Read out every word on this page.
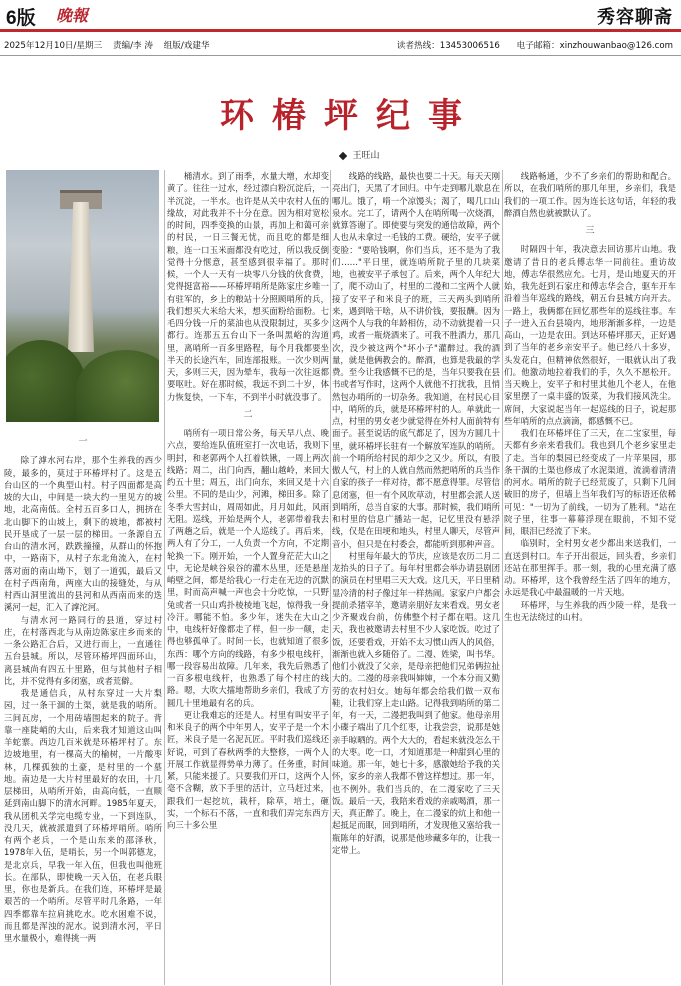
6版 晚報	秀容聊斋
2025年12月10日/星期三 责编/李 涛 组版/戏建华	读者热线：13453006516 电子邮箱：xinzhouwanbao@126.com
环椿坪纪事
王旺山
一

除了滹水河右岸，那个生养我的西少陵，最多的，莫过于环椿坪村了。这是五台山区的一个典型山村。村子四面都是高坡的大山，中间是一块大约一里见方的坡地，北高南低。全村五百多口人，拥挤在北山脚下的山坡上，剩下的坡地，都被村民开垦成了一层一层的梯田。一条源自五台山的清水河，跌跌撞撞，从群山的怀抱中，一路南下，从村子东北角流入，在村落对面的南山坳下，划了一道弧，最后又在村子西南角，两座大山的接缝处，与从村西山洞里流出的县河和从西南而来的迭溪河一起，汇入了滹沱河。

与清水河一路同行的县道，穿过村庄，在村落西北与从南边陈家庄乡而来的一条公路汇合后，又进行而上，一直通往五台县城。所以，尽管环椿坪四面环山，离县城尚有四五十里路，但与其他村子相比，并不觉得有多闭塞，或者荒僻。

我是通信兵，从村东穿过一大片梨园，过一条干涸的土渠，就是我的哨所。三间瓦房，一个用砖墙围起来的院子。背靠一座陡峭的大山，后来我才知道这山叫羊蛇寨。西边几百米就是环椿坪村了。东边坡地里，有一棵高大的榆树，一片酸枣林，几棵孤独的土豪，是村里的一个墓地。南边是一大片村里最好的农田，十几层梯田，从哨所开始，由高向低，一直顺延到南山脚下的清水河畔。1985年夏天，我从团机关学完电缆专业，一下到连队，没几天，就被派遣到了环椿坪哨所。哨所有两个老兵，一个是山东来的邵泽秋，1978年入伍，是哨长，另一个叫郭德龙，是北京兵，早我一年入伍，但我也叫他班长。在部队，即使晚一天入伍，在老兵眼里，你也是新兵。在我们连，环椿坪是最艰苦的一个哨所。尽管平时几条路，一年四季都靠车拉肩挑吃水。吃水困难不说，而且都是浑浊的泥水。说到清水河，平日里水量极小，难得挑一两

桶清水。到了雨季，水量大增，水却变黄了。往往一过水，经过漂白粉沉淀后，一半沉淀，一半水。也许是从关中农村人伍的缘故，对此我并不十分在意。因为相对宽松的时间，四季变换的山景，再加上和蔼可亲的村民，一日三餐无忧，而且吃的都是细粮，连一口玉米面都没有吃过，所以我反倒觉得十分惬意，甚至感到很幸福了。那时候，一个人一天有一块零八分钱的伙食费，党得挺富裕——环椿坪哨所是陈家庄乡唯一有驻军的，乡上的粮站十分照顾哨所的兵，我们想买大米给大米，想买面粉给面粉。七毛四分钱一斤的菜油也从没限制过，买多少都行。连那五五台山下一条叫黑峪的沟道里，离哨所一百多里路程，每个月我都要坐半天的长途汽车，回连部报账。一次少则两天，多则三天，因为晕车，我每一次往返都要呕吐。好在那时候，我远不到二十岁，体力恢复快，一下车，不到半小时就没事了。

二

哨所有一项日常公务，每天早八点、晚六点，要给连队值班室打一次电话，我则下明封，和老郭两个人扛着铁锹，一周上两次线路；周二，出门向西，翻山越岭，来回大约五十里；周五，出门向东，来回又是十六公里。不同的是山少，河滩，梯田多。除了冬季大雪封山，周周如此，月月如此，风雨无阻。巡线，开始是两个人，老郭带着我去了两趟之后，就是一个人巡线了。再后来，两人有了分工，一人负责一个方向，不定期轮换一下。刚开始，一个人置身茫茫大山之中，无论是峡谷泉谷的灌木丛里，还是悬崖峭壁之间，都是给我心一行走在无边的沉默里，时而高声喊一声也会十分吃惊，一只野兔或者一只山鸡扑棱棱地飞起，惊得我一身冷汗。哪能不怕。多少年，迷失在大山之中，电线杆好像都走了样，但一步一颠，走得也够孤单了。时间一长，也就知道了很多东西：哪个方向的线路，有多少根电线杆，哪一段容易出故障。几年来，我先后熟悉了一百多根电线杆，也熟悉了每个村庄的线路。嗯，大吹大擂地帮助乡亲们，我成了方圆几十里地最有名的兵。

更让我难忘的还是人。村里有叫安平子和米良子的两个中年男人，安平子是一个木匠，米良子是一名泥瓦匠。平时我们巡线还好说，可到了春秋两季的大整修，一两个人开展工作就显得势单力薄了。任务重，时间紧，只能来援了。只要我们开口，这两个人毫不含糊，放下手里的活计，立马赶过来，跟我们一起挖坑，栽杆，除草，培土，砸实，一个标石不落，一直和我们弄完东西方向三十多公里

线路的线路，最快也要二十天。每天天刚亮出门，天黑了才回归。中午走到哪儿歇息在哪儿。饿了，啃一个凉馒头；渴了，喝几口山泉水。完工了，请两个人在哨所喝一次烧酒，就算答谢了。即使要与突发的通信故障，两个人也从未拿过一毛钱的工费。硬给，安平子就变脸："要哈钱啊，你们当兵，还不是为了我们……"平日里，就连哨所院子里的几块菜地，也被安平子承包了。后来，两个人年纪大了，爬不动山了，村里的二漫和二宝两个人就接了安平子和米良子的班，三天两头到哨所来，遇到啥干啥，从不讲价钱，要报酬。因为这两个人与我的年龄相仿，动不动就提着一只鸡，或者一瓶烧酒来了。可我不胜酒力，那几次，没少被这两个"坏小子"灌醉过。我的酒量，就是他俩教会的。醉酒，也算是我最的学费。至今让我感慨不已的是，当年只要我在县书或者写作时，这两个人就他不打扰我，且悄然包办哨所的一切杂务。我知道，在村民心目中，哨所的兵，就是环椿坪村的人。单就此一点，村里的男女老少就觉得在外村人面前特有面子。甚至说话的底气都足了，因为方圆几十里，就环椿坪长驻有一个解放军连队的哨所。前一个哨所给村民的却少之又少。所以，有股傲人气，村上的人就自然而然把哨所的兵当作自家的孩子一样对待，都不愿意得罪。尽管信息闭塞，但一有个风吹草动，村里都会派人送到哨所，总当自家的大事。那时候，我们哨所和村里的信息广播站一起，记忆里没有悬浮线，仅是在田埂和地头，村里人聊天，尽管声音小，但只是在村委会，都能听到那种声音。

村里每年最大的节庆，应该是农历二月二龙抬头的日子了。每年村里都会举办请县剧团的演员在村里唱三天大戏。这几天，平日里稍显冷清的村子像过年一样热闹。家家户户都会提前杀猪宰羊，邀请亲朋好友来看戏。男女老少齐聚戏台前，仿佛整个村子都在唱。这几天，我也被邀请去村里不少人家吃饭。吃过了饭，还要看戏，开始不太习惯山西人的风俗，渐渐也就入乡随俗了。二漫、姓梁，叫书华。他们小就没了父亲，是母亲把他们兄弟俩拉扯大的。二漫的母亲我叫婶婶，一个本分而又勤劳的农村妇女。她每年都会给我们做一双布鞋，让我们穿上走山路。记得我到哨所的第二年，有一天，二漫把我叫到了他家。他母亲用小碟子端出了几个红枣，让我尝尝，说那是她亲手晾晒的。两个大大的，看起来就没怎么干的大枣。吃一口，才知道那是一种甜到心里的味道。那一年，她七十多，感激她给予我的关怀，家乡的亲人我都不曾这样想过。那一年，也不例外。我们当兵的，在二漫家吃了三天饭。最后一天，我陪来看戏的亲戚喝酒，那一天，真正醉了。晚上，在二漫家的炕上和他一起抵足而眠，回到哨所，才发现他又塞给我一瓶陈年的好酒，说那是他珍藏多年的，让我一定带上。

线路畅通，少不了乡亲们的帮助和配合。所以，在我们哨所的那几年里，乡亲们，我是我们的一项工作。因为连长这句话，年轻的我醉酒自然也就被默认了。

三

时隔四十年，我决意去回访那片山地。我邀请了昔日的老兵傅志华一同前往。重访故地，傅志华很然应允。七月，是山地夏天的开始，我先赶到石家庄和傅志华会合，驱车开车沿着当年巡线的路线，朝五台县城方向开去。一路上，我俩都在回忆那些年的巡线往事。车子一进入五台县境内，地形渐渐多样，一边是高山，一边是农田。到达环椿坪那天，正好遇到了当年的老乡亲安平子。他已经八十多岁，头发花白，但精神依然很好，一眼就认出了我们。他激动地拉着我们的手，久久不愿松开。当天晚上，安平子和村里其他几个老人，在他家里摆了一桌丰盛的饭菜，为我们接风洗尘。席间，大家说起当年一起巡线的日子，说起那些年哨所的点点滴滴，都感慨不已。

我们在环椿坪住了三天，在二宝家里，每天都有乡亲来看我们。我也到几个老乡家里走了走。当年的梨园已经变成了一片苹果园，那条干涸的土渠也修成了水泥渠道，流淌着清清的河水。哨所的院子已经荒废了，只剩下几间破旧的房子，但墙上当年我们写的标语还依稀可见："一切为了前线，一切为了胜利。"站在院子里，往事一幕幕浮现在眼前，不知不觉间，眼泪已经流了下来。

临别时，全村男女老少都出来送我们，一直送到村口。车子开出很远，回头看，乡亲们还站在那里挥手。那一刻，我的心里充满了感动。环椿坪，这个我曾经生活了四年的地方，永远是我心中最温暖的一片天地。

环椿坪，与生养我的西少陵一样，是我一生也无法绕过的山村。
